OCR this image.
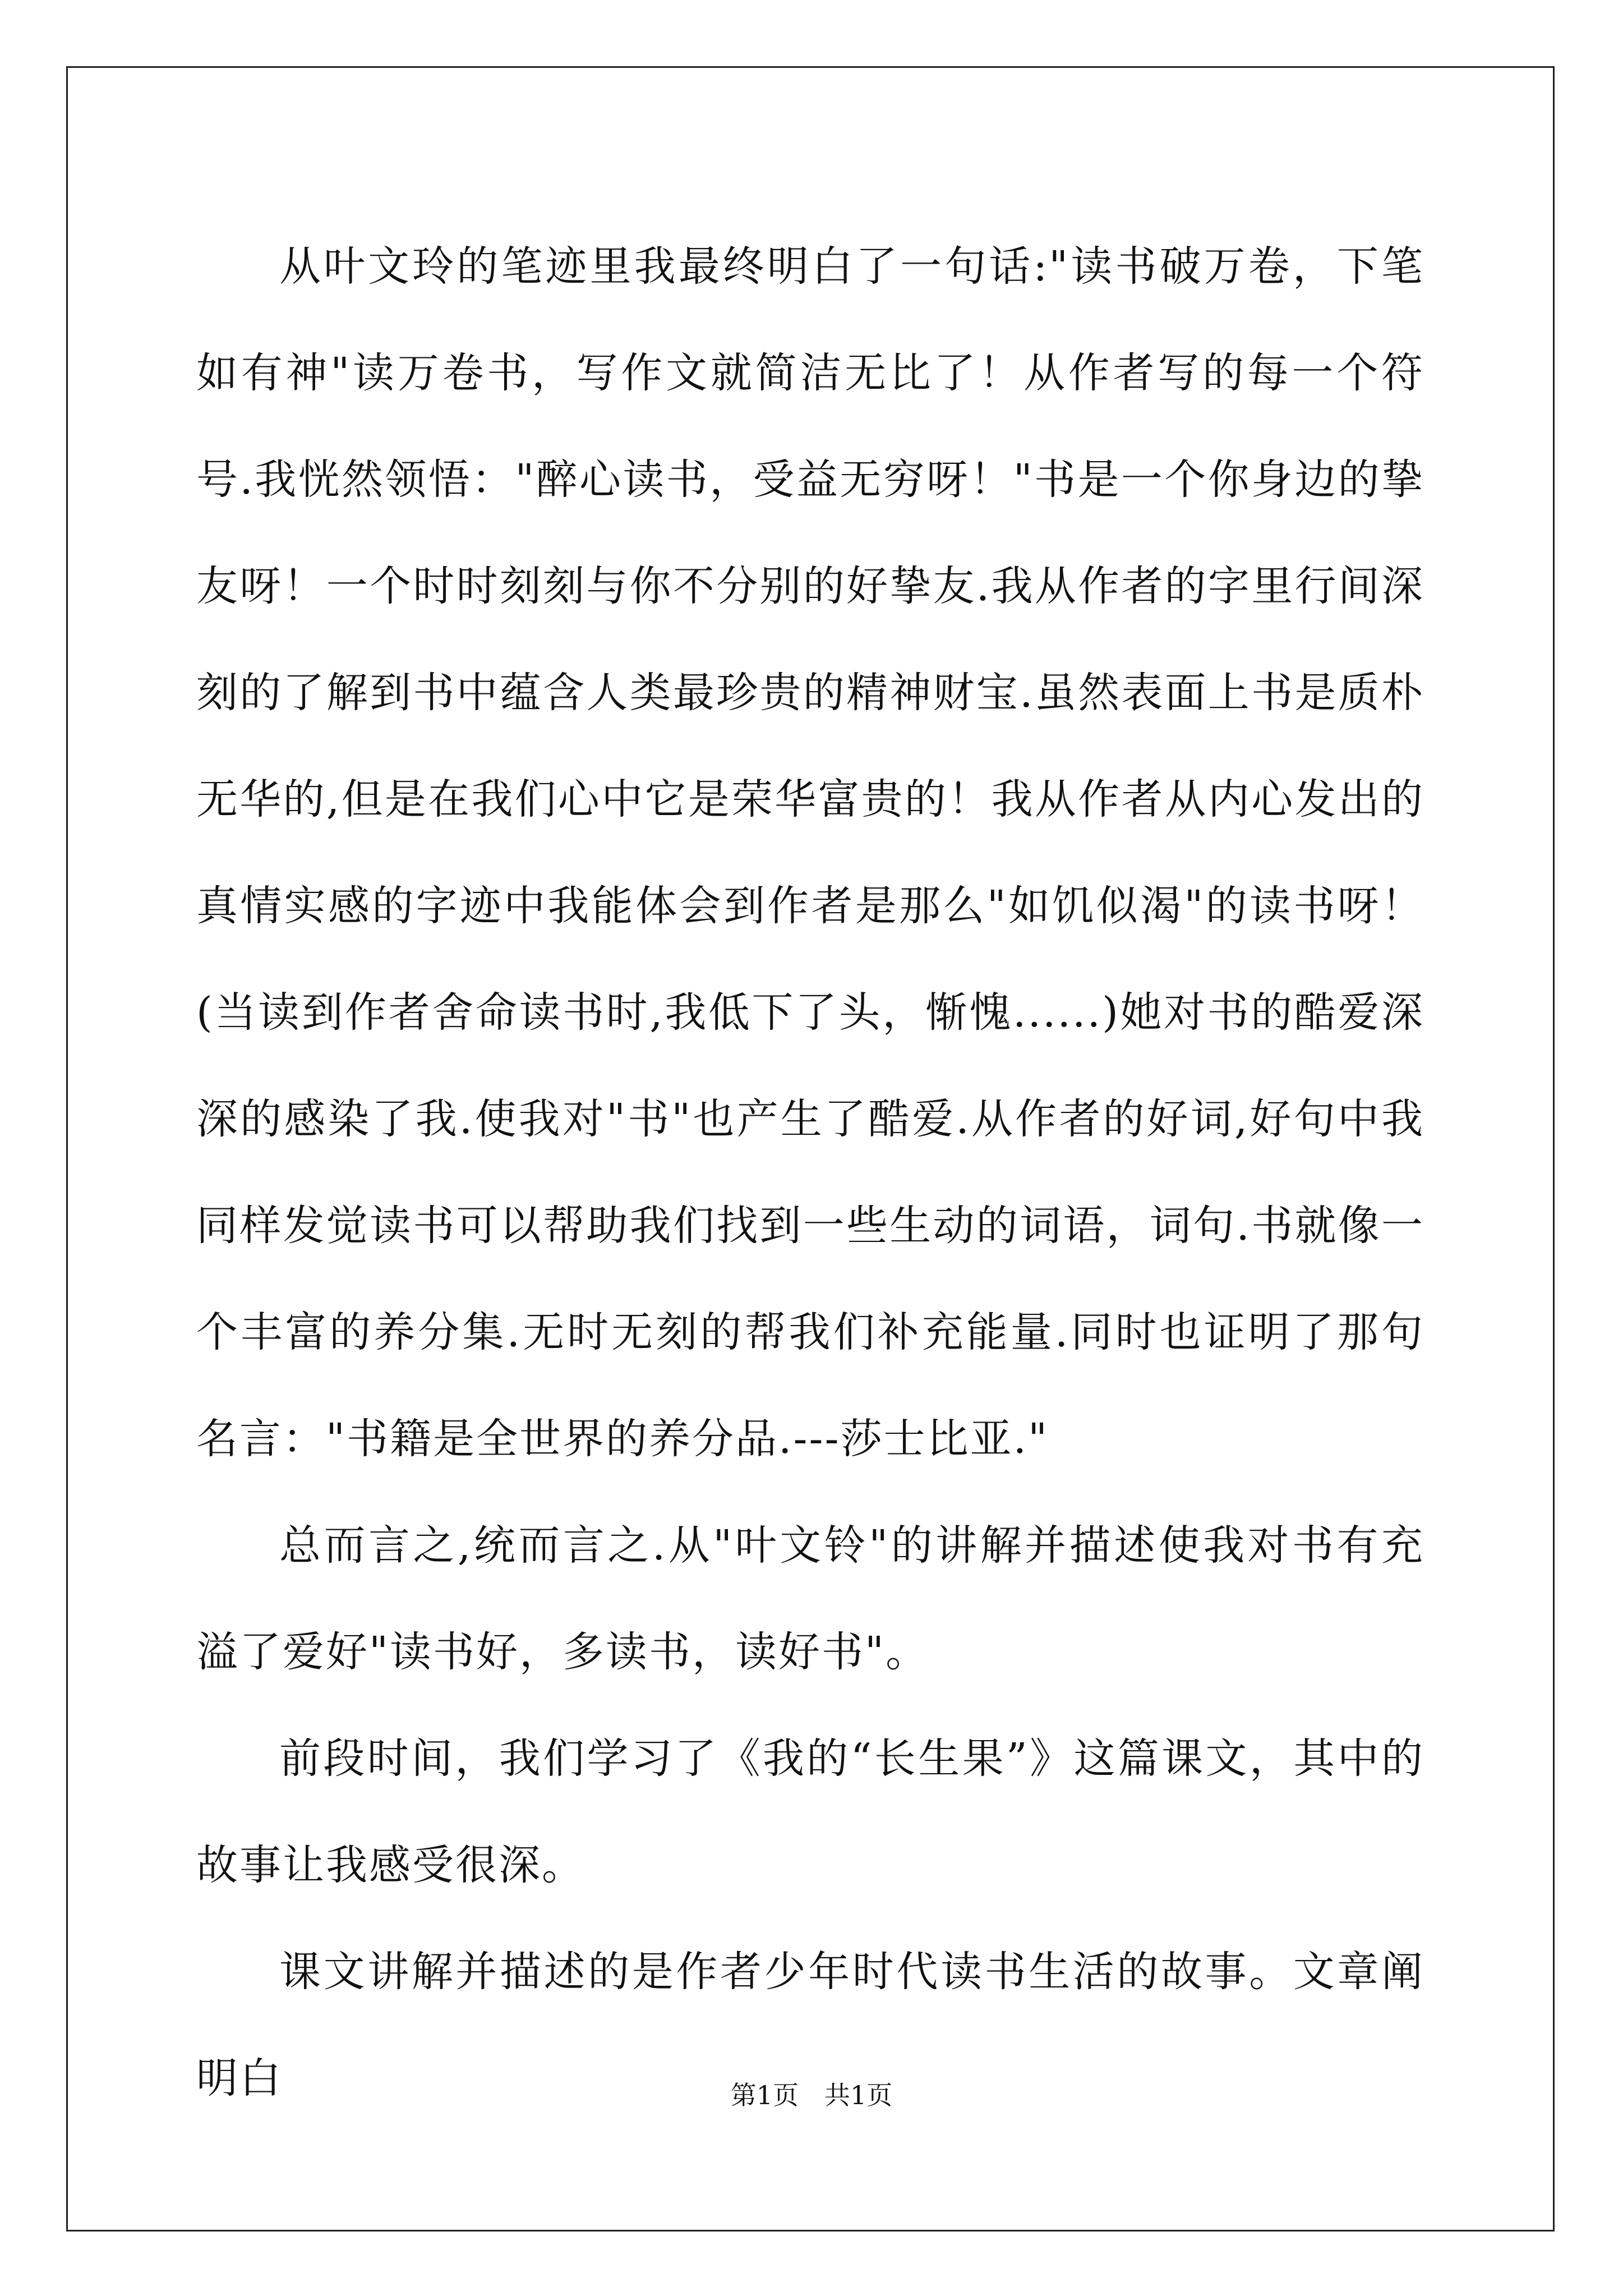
从叶文玲的笔迹里我最终明白了一句话:"读书破万卷，下笔如有神"读万卷书，写作文就简洁无比了！从作者写的每一个符号.我恍然领悟："醉心读书，受益无穷呀！"书是一个你身边的挚友呀！一个时时刻刻与你不分别的好挚友.我从作者的字里行间深刻的了解到书中蕴含人类最珍贵的精神财宝.虽然表面上书是质朴无华的,但是在我们心中它是荣华富贵的！我从作者从内心发出的真情实感的字迹中我能体会到作者是那么"如饥似渴"的读书呀！(当读到作者舍命读书时,我低下了头，惭愧......)她对书的酷爱深深的感染了我.使我对"书"也产生了酷爱.从作者的好词,好句中我同样发觉读书可以帮助我们找到一些生动的词语，词句.书就像一个丰富的养分集.无时无刻的帮我们补充能量.同时也证明了那句名言："书籍是全世界的养分品.---莎士比亚."

总而言之,统而言之.从"叶文铃"的讲解并描述使我对书有充溢了爱好"读书好，多读书，读好书"。

前段时间，我们学习了《我的“长生果”》这篇课文，其中的故事让我感受很深。

课文讲解并描述的是作者少年时代读书生活的故事。文章阐明白	第1页　共1页
